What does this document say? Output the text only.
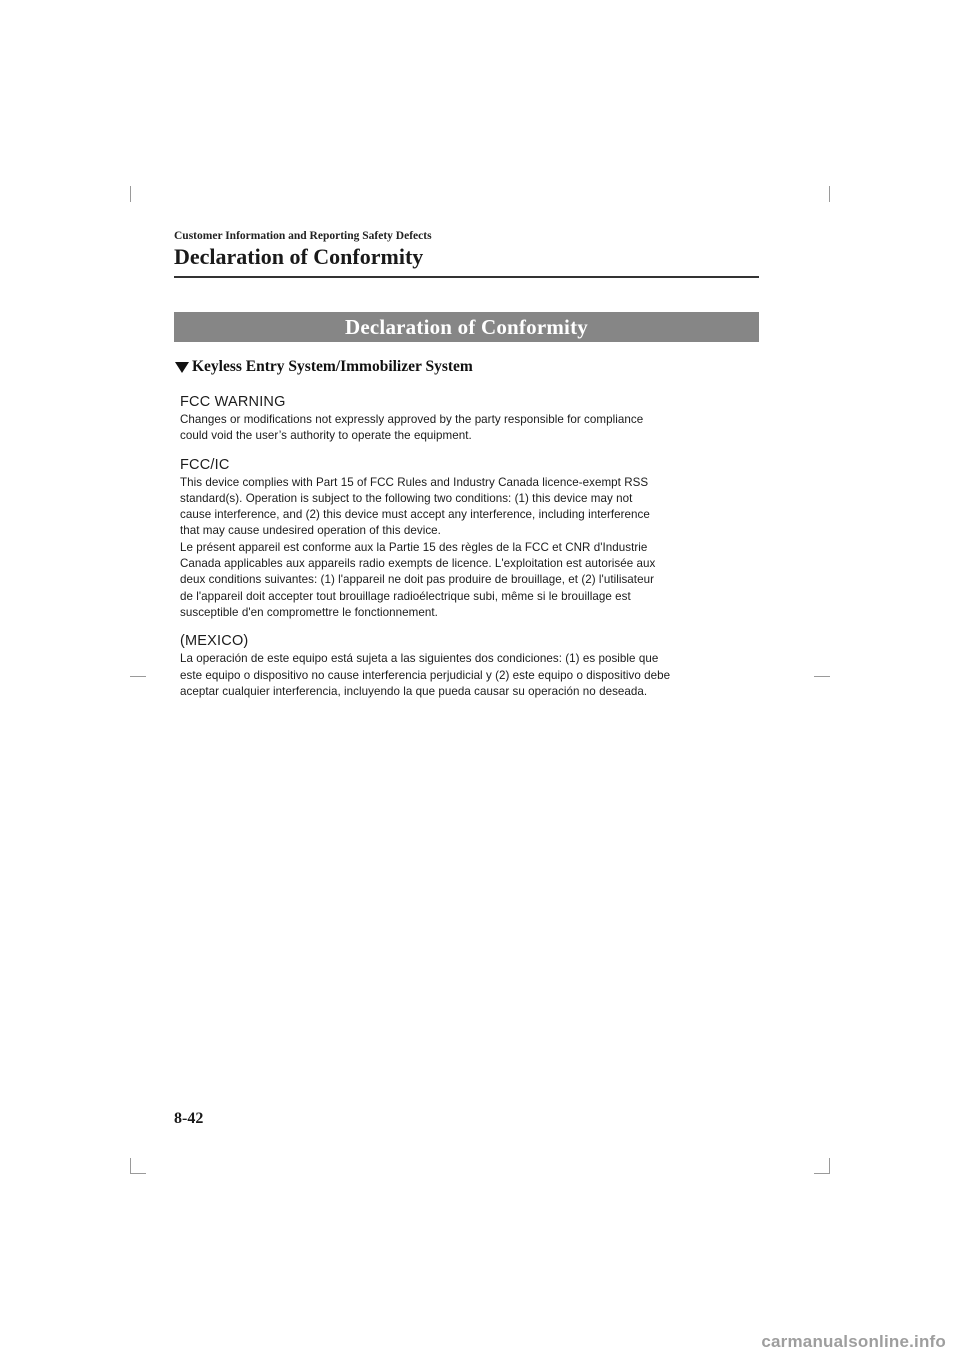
Customer Information and Reporting Safety Defects
Declaration of Conformity
Declaration of Conformity
Keyless Entry System/Immobilizer System
FCC WARNING

Changes or modifications not expressly approved by the party responsible for compliance

could void the user’s authority to operate the equipment.

FCC/IC

This device complies with Part 15 of FCC Rules and Industry Canada licence-exempt RSS

standard(s). Operation is subject to the following two conditions: (1) this device may not

cause interference, and (2) this device must accept any interference, including interference

that may cause undesired operation of this device.

Le présent appareil est conforme aux la Partie 15 des règles de la FCC et CNR d'Industrie

Canada applicables aux appareils radio exempts de licence. L'exploitation est autorisée aux

deux conditions suivantes: (1) l'appareil ne doit pas produire de brouillage, et (2) l'utilisateur

de l'appareil doit accepter tout brouillage radioélectrique subi, même si le brouillage est

susceptible d'en compromettre le fonctionnement.

(MEXICO)

La operación de este equipo está sujeta a las siguientes dos condiciones: (1) es posible que

este equipo o dispositivo no cause interferencia perjudicial y (2) este equipo o dispositivo debe

aceptar cualquier interferencia, incluyendo la que pueda causar su operación no deseada.

8-42
carmanualsonline.info
